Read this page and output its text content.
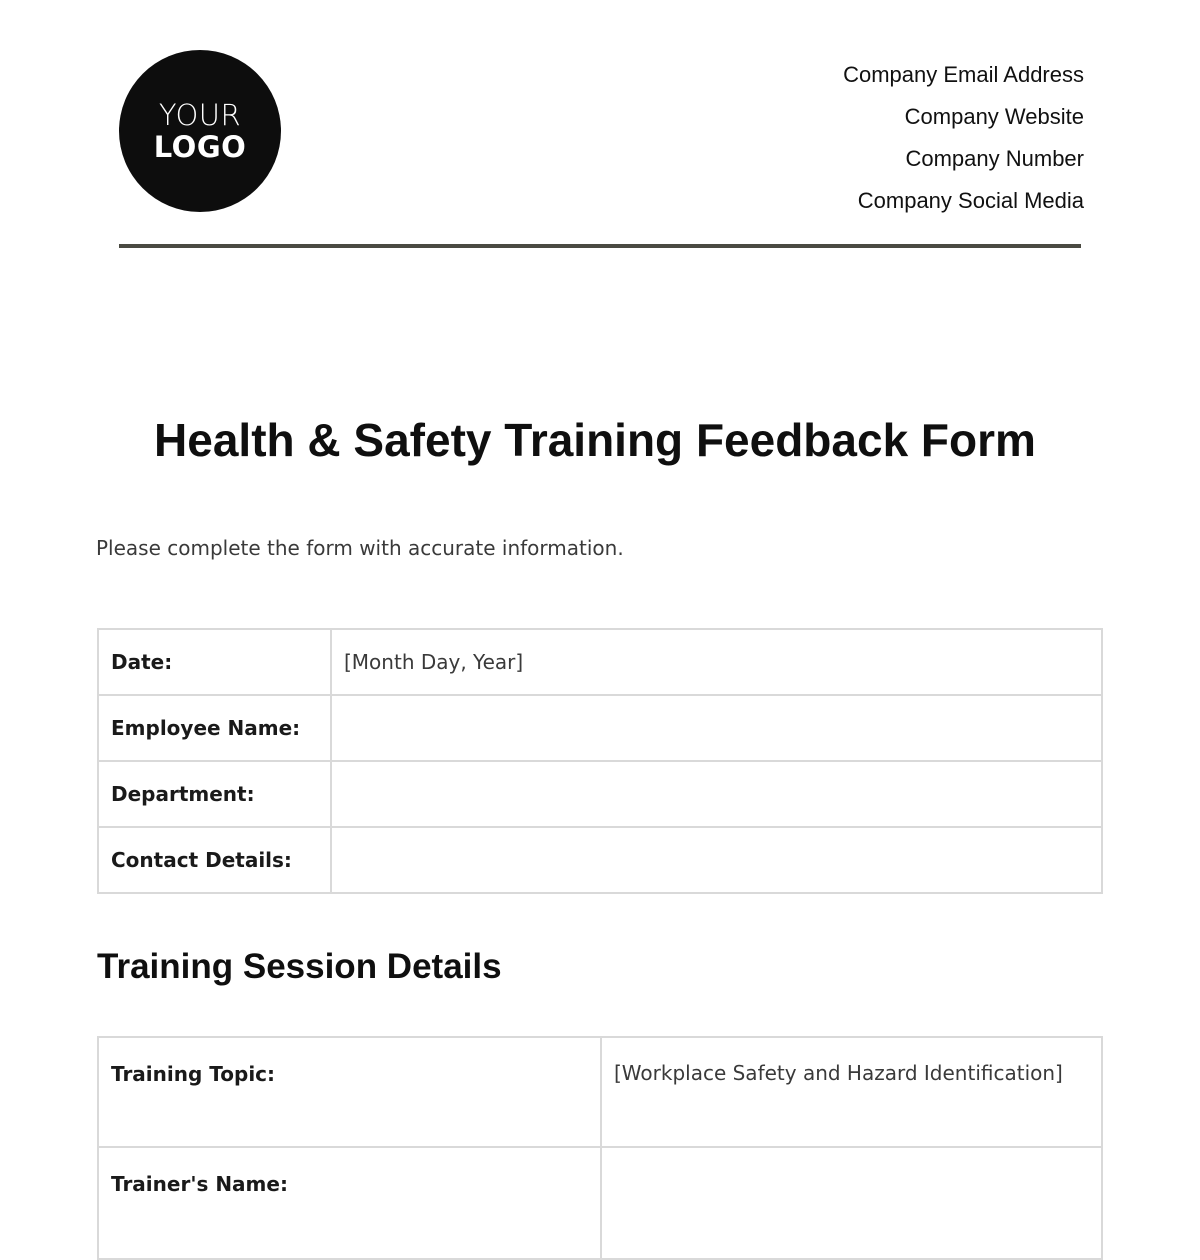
YOUR
LOGO
Company Email Address
Company Website
Company Number
Company Social Media
Health & Safety Training Feedback Form

Please complete the form with accurate information.

Date:	[Month Day, Year]
Employee Name:	
Department:	
Contact Details:	
Training Session Details
Training Topic:	[Workplace Safety and Hazard Identification]
Trainer's Name:	
